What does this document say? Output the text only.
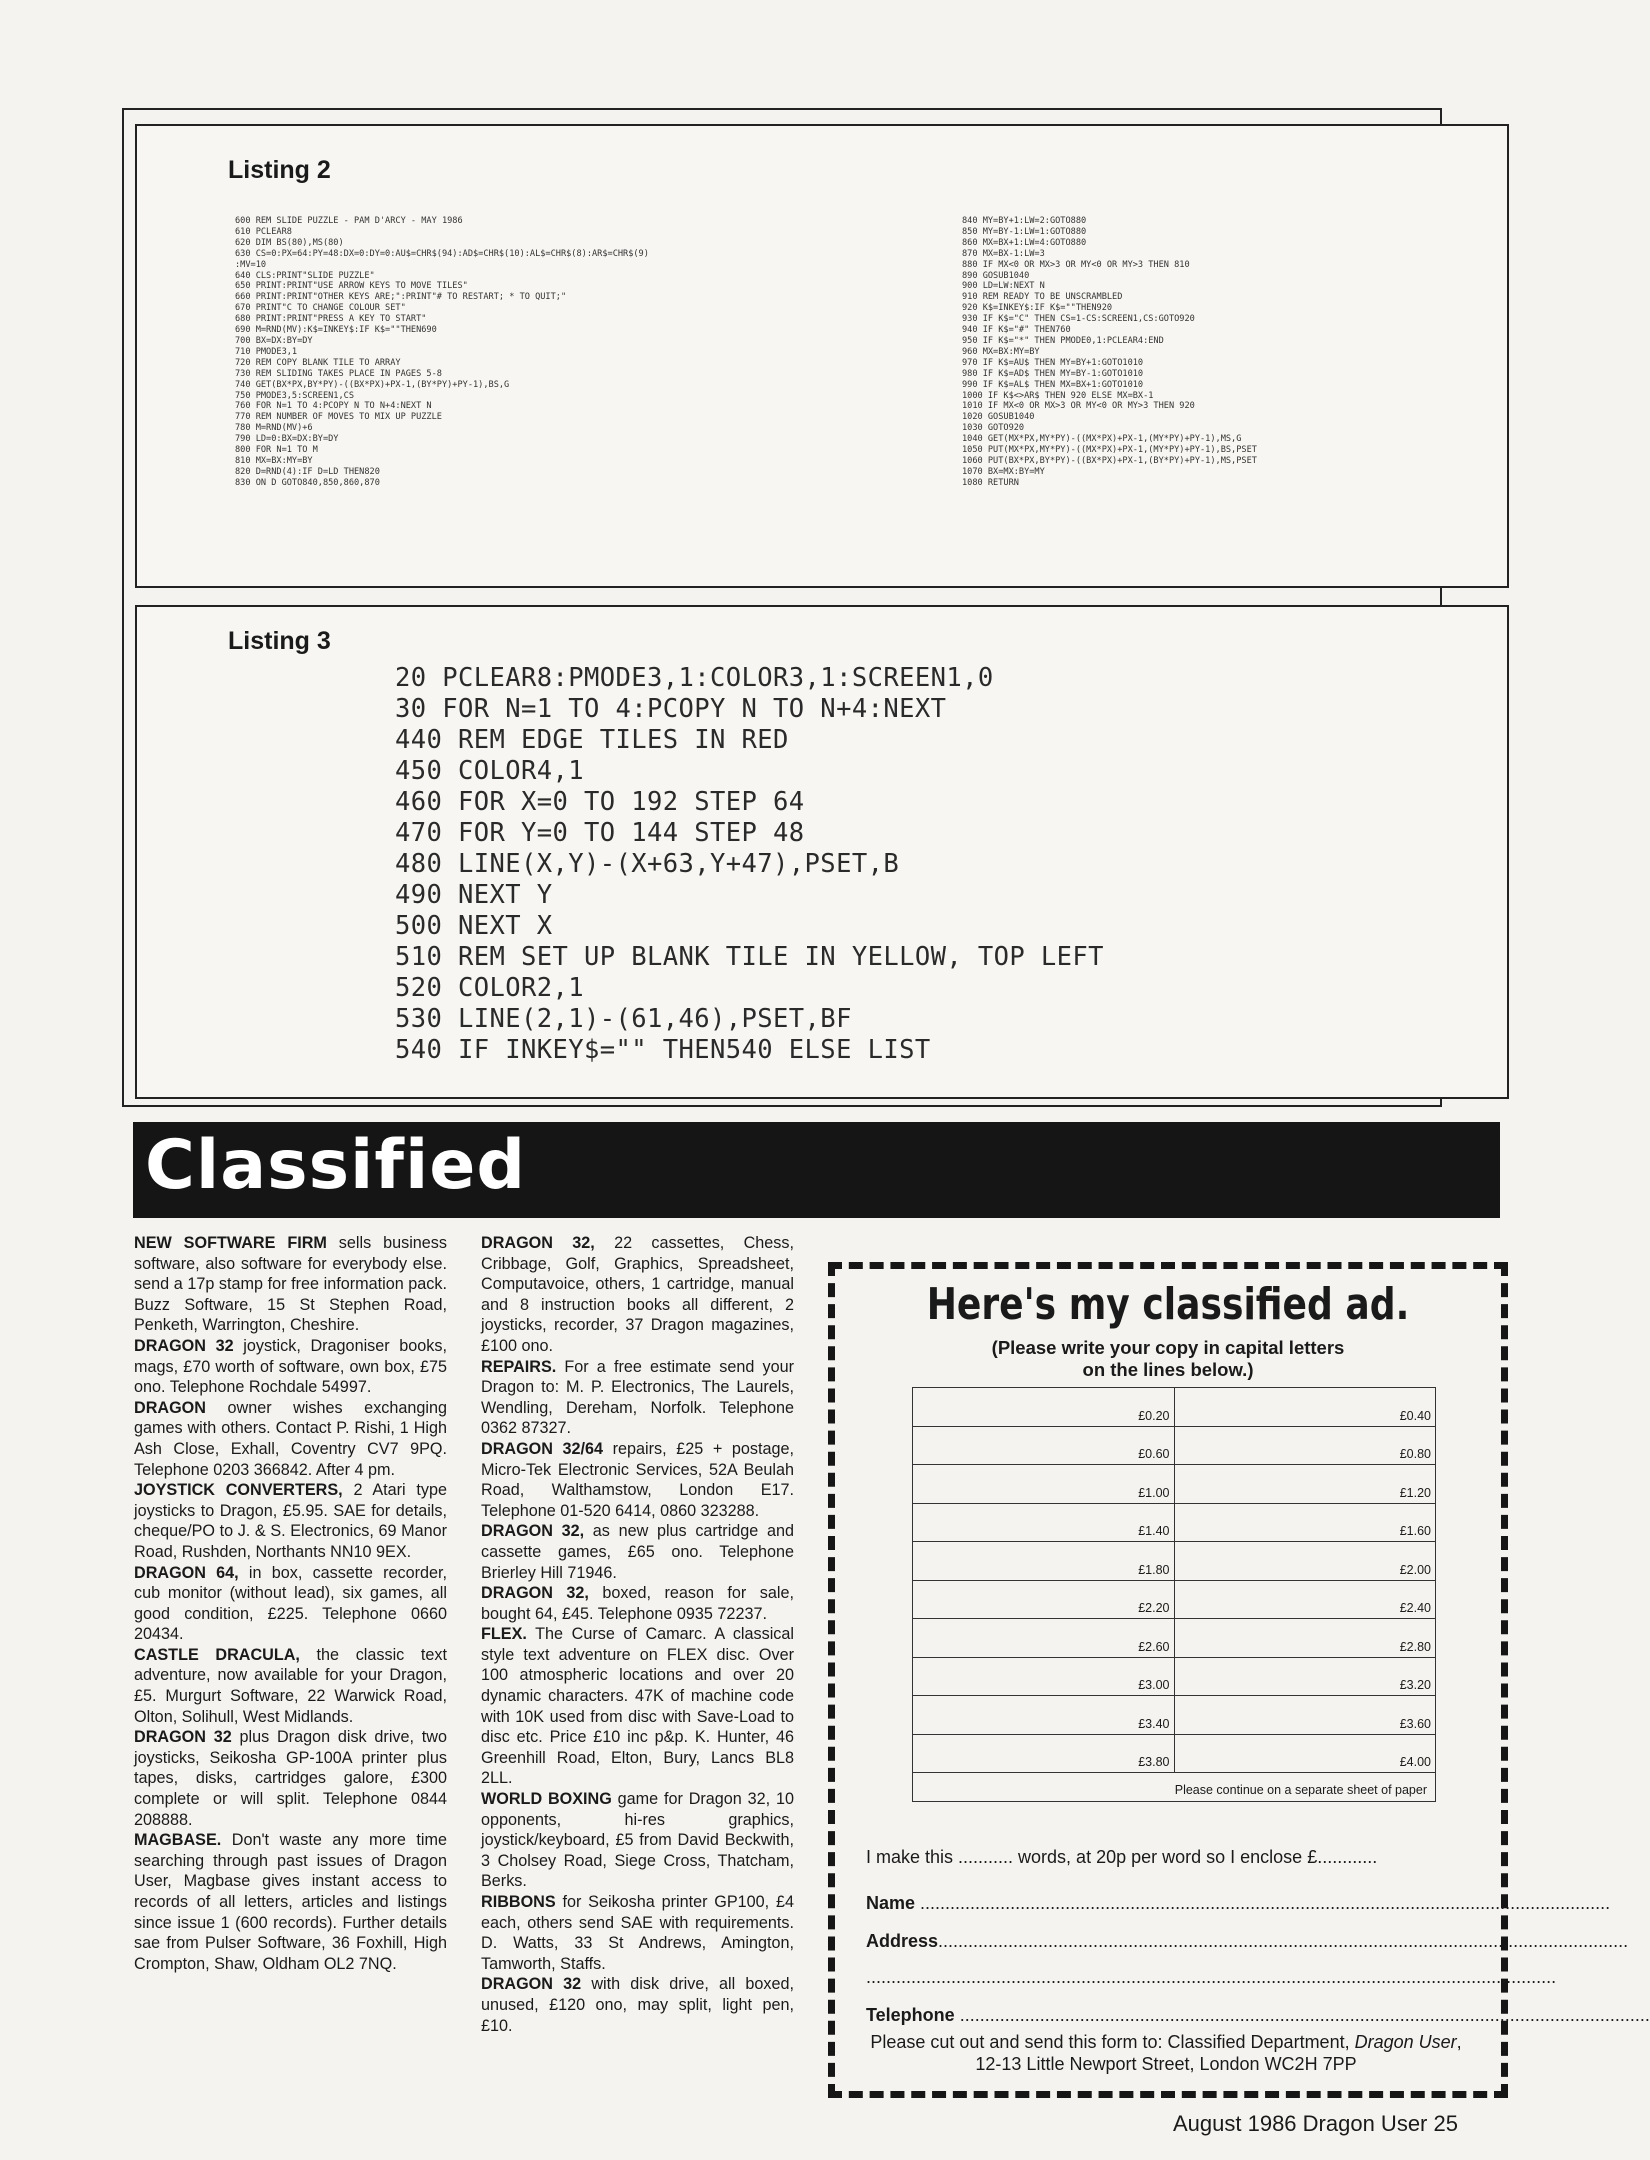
Listing 2
600 REM SLIDE PUZZLE - PAM D'ARCY - MAY 1986
610 PCLEAR8
620 DIM BS(80),MS(80)
630 CS=0:PX=64:PY=48:DX=0:DY=0:AU$=CHR$(94):AD$=CHR$(10):AL$=CHR$(8):AR$=CHR$(9)
:MV=10
640 CLS:PRINT"SLIDE PUZZLE"
650 PRINT:PRINT"USE ARROW KEYS TO MOVE TILES"
660 PRINT:PRINT"OTHER KEYS ARE;":PRINT"# TO RESTART; * TO QUIT;"
670 PRINT"C TO CHANGE COLOUR SET"
680 PRINT:PRINT"PRESS A KEY TO START"
690 M=RND(MV):K$=INKEY$:IF K$=""THEN690
700 BX=DX:BY=DY
710 PMODE3,1
720 REM COPY BLANK TILE TO ARRAY
730 REM SLIDING TAKES PLACE IN PAGES 5-8
740 GET(BX*PX,BY*PY)-((BX*PX)+PX-1,(BY*PY)+PY-1),BS,G
750 PMODE3,5:SCREEN1,CS
760 FOR N=1 TO 4:PCOPY N TO N+4:NEXT N
770 REM NUMBER OF MOVES TO MIX UP PUZZLE
780 M=RND(MV)+6
790 LD=0:BX=DX:BY=DY
800 FOR N=1 TO M
810 MX=BX:MY=BY
820 D=RND(4):IF D=LD THEN820
830 ON D GOTO840,850,860,870
840 MY=BY+1:LW=2:GOTO880
850 MY=BY-1:LW=1:GOTO880
860 MX=BX+1:LW=4:GOTO880
870 MX=BX-1:LW=3
880 IF MX<0 OR MX>3 OR MY<0 OR MY>3 THEN 810
890 GOSUB1040
900 LD=LW:NEXT N
910 REM READY TO BE UNSCRAMBLED
920 K$=INKEY$:IF K$=""THEN920
930 IF K$="C" THEN CS=1-CS:SCREEN1,CS:GOTO920
940 IF K$="#" THEN760
950 IF K$="*" THEN PMODE0,1:PCLEAR4:END
960 MX=BX:MY=BY
970 IF K$=AU$ THEN MY=BY+1:GOTO1010
980 IF K$=AD$ THEN MY=BY-1:GOTO1010
990 IF K$=AL$ THEN MX=BX+1:GOTO1010
1000 IF K$<>AR$ THEN 920 ELSE MX=BX-1
1010 IF MX<0 OR MX>3 OR MY<0 OR MY>3 THEN 920
1020 GOSUB1040
1030 GOTO920
1040 GET(MX*PX,MY*PY)-((MX*PX)+PX-1,(MY*PY)+PY-1),MS,G
1050 PUT(MX*PX,MY*PY)-((MX*PX)+PX-1,(MY*PY)+PY-1),BS,PSET
1060 PUT(BX*PX,BY*PY)-((BX*PX)+PX-1,(BY*PY)+PY-1),MS,PSET
1070 BX=MX:BY=MY
1080 RETURN
Listing 3
20 PCLEAR8:PMODE3,1:COLOR3,1:SCREEN1,0
30 FOR N=1 TO 4:PCOPY N TO N+4:NEXT
440 REM EDGE TILES IN RED
450 COLOR4,1
460 FOR X=0 TO 192 STEP 64
470 FOR Y=0 TO 144 STEP 48
480 LINE(X,Y)-(X+63,Y+47),PSET,B
490 NEXT Y
500 NEXT X
510 REM SET UP BLANK TILE IN YELLOW, TOP LEFT
520 COLOR2,1
530 LINE(2,1)-(61,46),PSET,BF
540 IF INKEY$="" THEN540 ELSE LIST
Classified

NEW SOFTWARE FIRM sells business software, also software for everybody else. send a 17p stamp for free information pack. Buzz Software, 15 St Stephen Road, Penketh, Warrington, Cheshire.

DRAGON 32 joystick, Dragoniser books, mags, £70 worth of software, own box, £75 ono. Telephone Rochdale 54997.

DRAGON owner wishes exchanging games with others. Contact P. Rishi, 1 High Ash Close, Exhall, Coventry CV7 9PQ. Telephone 0203 366842. After 4 pm.

JOYSTICK CONVERTERS, 2 Atari type joysticks to Dragon, £5.95. SAE for details, cheque/PO to J. & S. Electronics, 69 Manor Road, Rushden, Northants NN10 9EX.

DRAGON 64, in box, cassette recorder, cub monitor (without lead), six games, all good condition, £225. Telephone 0660 20434.

CASTLE DRACULA, the classic text adventure, now available for your Dragon, £5. Murgurt Software, 22 Warwick Road, Olton, Solihull, West Midlands.

DRAGON 32 plus Dragon disk drive, two joysticks, Seikosha GP-100A printer plus tapes, disks, cartridges galore, £300 complete or will split. Telephone 0844 208888.

MAGBASE. Don't waste any more time searching through past issues of Dragon User, Magbase gives instant access to records of all letters, articles and listings since issue 1 (600 records). Further details sae from Pulser Software, 36 Foxhill, High Crompton, Shaw, Oldham OL2 7NQ.

DRAGON 32, 22 cassettes, Chess, Cribbage, Golf, Graphics, Spreadsheet, Computavoice, others, 1 cartridge, manual and 8 instruction books all different, 2 joysticks, recorder, 37 Dragon magazines, £100 ono.

REPAIRS. For a free estimate send your Dragon to: M. P. Electronics, The Laurels, Wendling, Dereham, Norfolk. Telephone 0362 87327.

DRAGON 32/64 repairs, £25 + postage, Micro-Tek Electronic Services, 52A Beulah Road, Walthamstow, London E17. Telephone 01-520 6414, 0860 323288.

DRAGON 32, as new plus cartridge and cassette games, £65 ono. Telephone Brierley Hill 71946.

DRAGON 32, boxed, reason for sale, bought 64, £45. Telephone 0935 72237.

FLEX. The Curse of Camarc. A classical style text adventure on FLEX disc. Over 100 atmospheric locations and over 20 dynamic characters. 47K of machine code with 10K used from disc with Save-Load to disc etc. Price £10 inc p&p. K. Hunter, 46 Greenhill Road, Elton, Bury, Lancs BL8 2LL.

WORLD BOXING game for Dragon 32, 10 opponents, hi-res graphics, joystick/keyboard, £5 from David Beckwith, 3 Cholsey Road, Siege Cross, Thatcham, Berks.

RIBBONS for Seikosha printer GP100, £4 each, others send SAE with requirements. D. Watts, 33 St Andrews, Amington, Tamworth, Staffs.

DRAGON 32 with disk drive, all boxed, unused, £120 ono, may split, light pen, £10.

Here's my classified ad.
(Please write your copy in capital letters
on the lines below.)
£0.20	£0.40
£0.60	£0.80
£1.00	£1.20
£1.40	£1.60
£1.80	£2.00
£2.20	£2.40
£2.60	£2.80
£3.00	£3.20
£3.40	£3.60
£3.80	£4.00
Please continue on a separate sheet of paper
I make this ........... words, at 20p per word so I enclose £............
Name ..........................................................................................................................................
Address..........................................................................................................................................
..........................................................................................................................................
Telephone ..........................................................................................................................................
Please cut out and send this form to: Classified Department, Dragon User, 12-13 Little Newport Street, London WC2H 7PP
August 1986 Dragon User 25
